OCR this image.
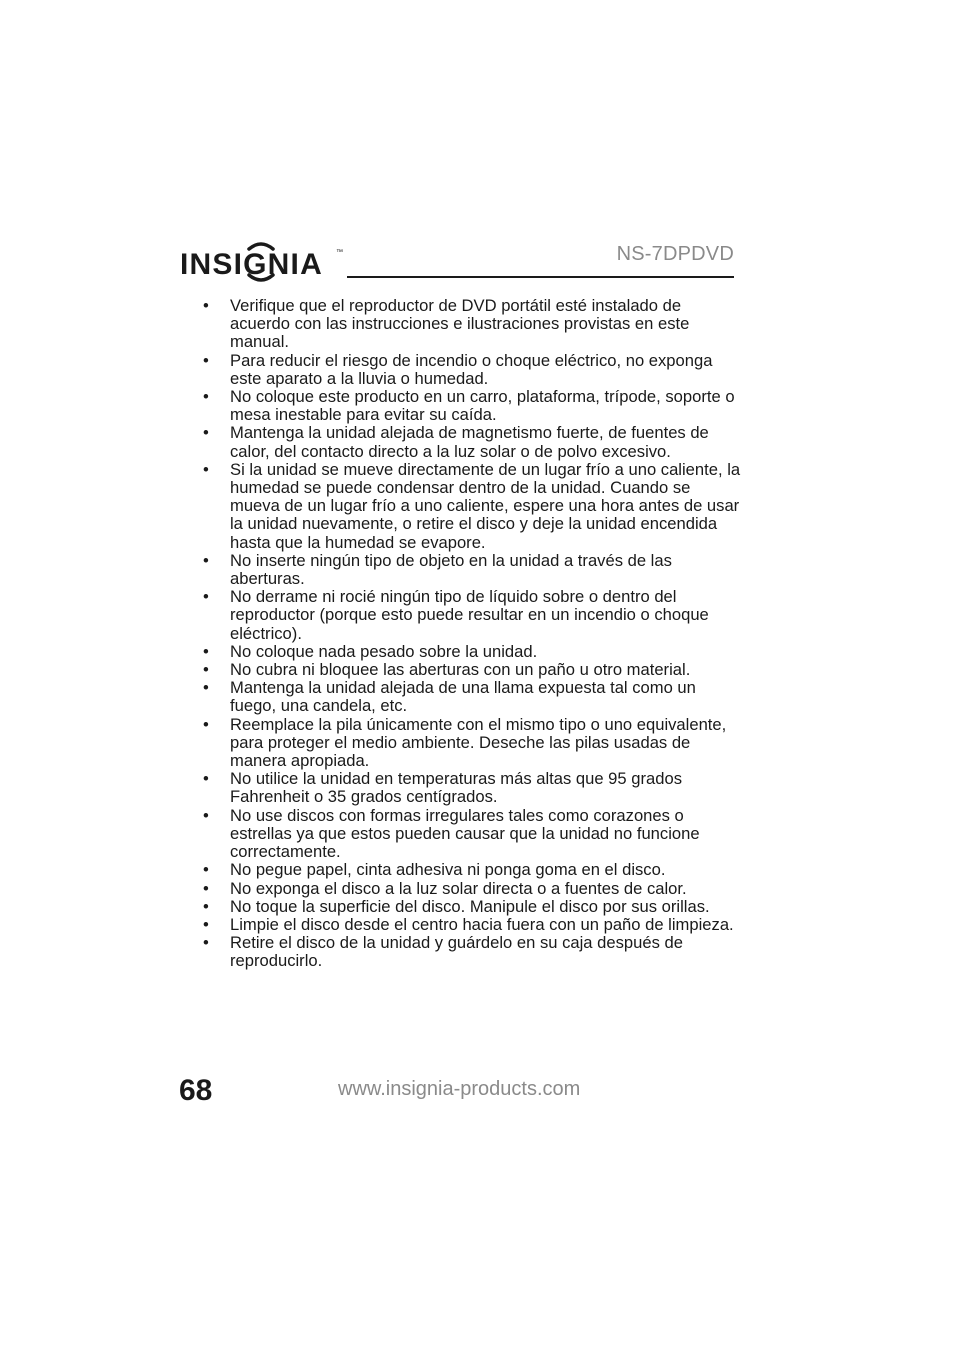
INSIGNIA ™	NS-7DPDVD
• Verifique que el reproductor de DVD portátil esté instalado de acuerdo con las instrucciones e ilustraciones provistas en este manual.
• Para reducir el riesgo de incendio o choque eléctrico, no exponga este aparato a la lluvia o humedad.
• No coloque este producto en un carro, plataforma, trípode, soporte o mesa inestable para evitar su caída.
• Mantenga la unidad alejada de magnetismo fuerte, de fuentes de calor, del contacto directo a la luz solar o de polvo excesivo.
• Si la unidad se mueve directamente de un lugar frío a uno caliente, la humedad se puede condensar dentro de la unidad. Cuando se mueva de un lugar frío a uno caliente, espere una hora antes de usar la unidad nuevamente, o retire el disco y deje la unidad encendida hasta que la humedad se evapore.
• No inserte ningún tipo de objeto en la unidad a través de las aberturas.
• No derrame ni rocié ningún tipo de líquido sobre o dentro del reproductor (porque esto puede resultar en un incendio o choque eléctrico).
• No coloque nada pesado sobre la unidad.
• No cubra ni bloquee las aberturas con un paño u otro material.
• Mantenga la unidad alejada de una llama expuesta tal como un fuego, una candela, etc.
• Reemplace la pila únicamente con el mismo tipo o uno equivalente, para proteger el medio ambiente. Deseche las pilas usadas de manera apropiada.
• No utilice la unidad en temperaturas más altas que 95 grados Fahrenheit o 35 grados centígrados.
• No use discos con formas irregulares tales como corazones o estrellas ya que estos pueden causar que la unidad no funcione correctamente.
• No pegue papel, cinta adhesiva ni ponga goma en el disco.
• No exponga el disco a la luz solar directa o a fuentes de calor.
• No toque la superficie del disco. Manipule el disco por sus orillas.
• Limpie el disco desde el centro hacia fuera con un paño de limpieza.
• Retire el disco de la unidad y guárdelo en su caja después de reproducirlo.
68	www.insignia-products.com
